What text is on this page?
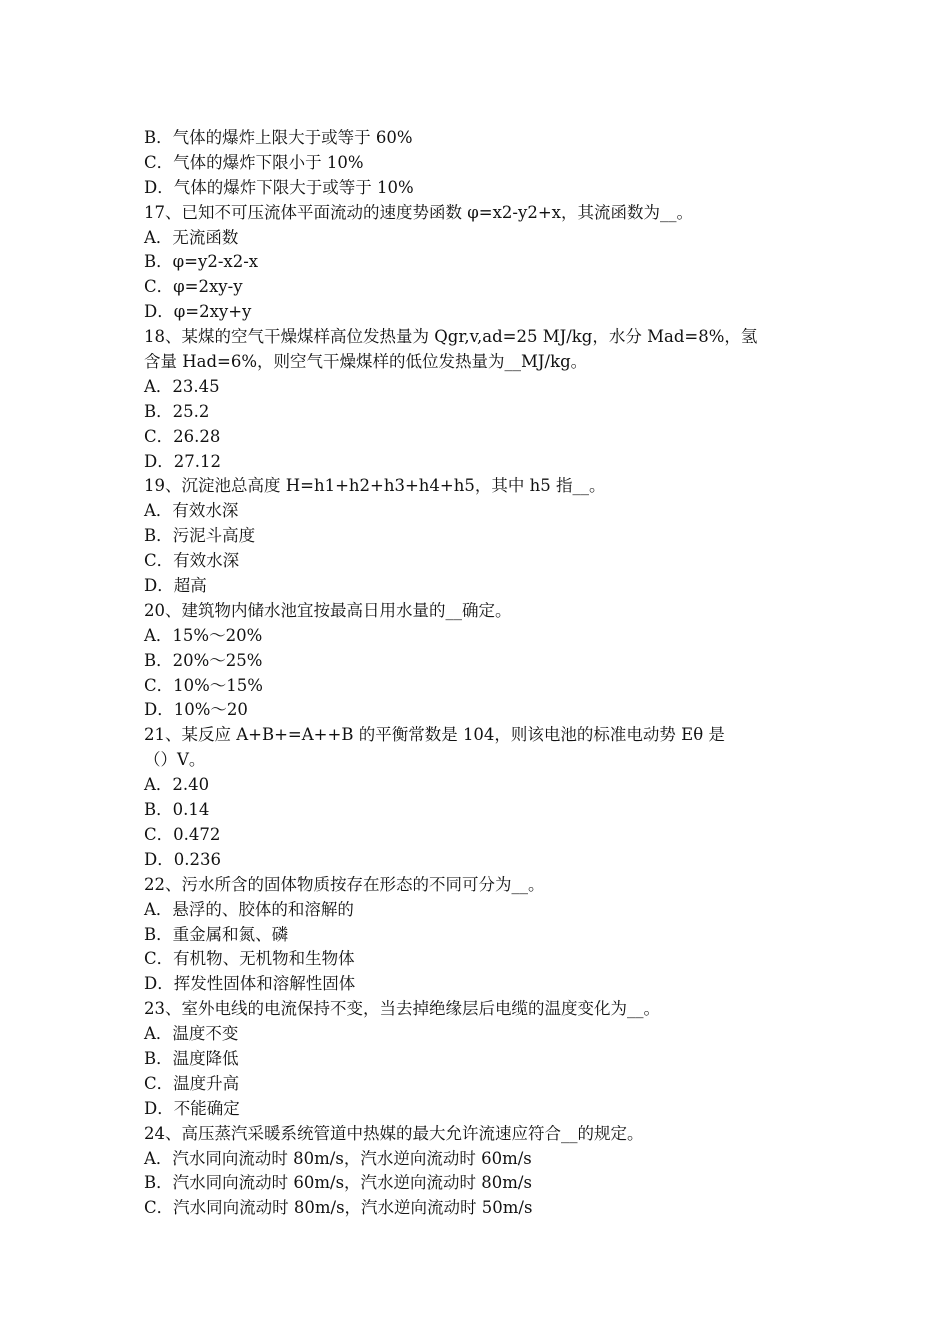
B．气体的爆炸上限大于或等于 60%
C．气体的爆炸下限小于 10%
D．气体的爆炸下限大于或等于 10%
17、已知不可压流体平面流动的速度势函数 φ=x2-y2+x，其流函数为__。
A．无流函数
B．φ=y2-x2-x
C．φ=2xy-y
D．φ=2xy+y
18、某煤的空气干燥煤样高位发热量为 Qgr,v,ad=25 MJ/kg，水分 Mad=8%，氢
含量 Had=6%，则空气干燥煤样的低位发热量为__MJ/kg。
A．23.45
B．25.2
C．26.28
D．27.12
19、沉淀池总高度 H=h1+h2+h3+h4+h5，其中 h5 指__。
A．有效水深
B．污泥斗高度
C．有效水深
D．超高
20、建筑物内储水池宜按最高日用水量的__确定。
A．15%～20%
B．20%～25%
C．10%～15%
D．10%～20
21、某反应 A+B+=A++B 的平衡常数是 104，则该电池的标准电动势 Eθ 是
（）V。
A．2.40
B．0.14
C．0.472
D．0.236
22、污水所含的固体物质按存在形态的不同可分为__。
A．悬浮的、胶体的和溶解的
B．重金属和氮、磷
C．有机物、无机物和生物体
D．挥发性固体和溶解性固体
23、室外电线的电流保持不变，当去掉绝缘层后电缆的温度变化为__。
A．温度不变
B．温度降低
C．温度升高
D．不能确定
24、高压蒸汽采暖系统管道中热媒的最大允许流速应符合__的规定。
A．汽水同向流动时 80m/s，汽水逆向流动时 60m/s
B．汽水同向流动时 60m/s，汽水逆向流动时 80m/s
C．汽水同向流动时 80m/s，汽水逆向流动时 50m/s
